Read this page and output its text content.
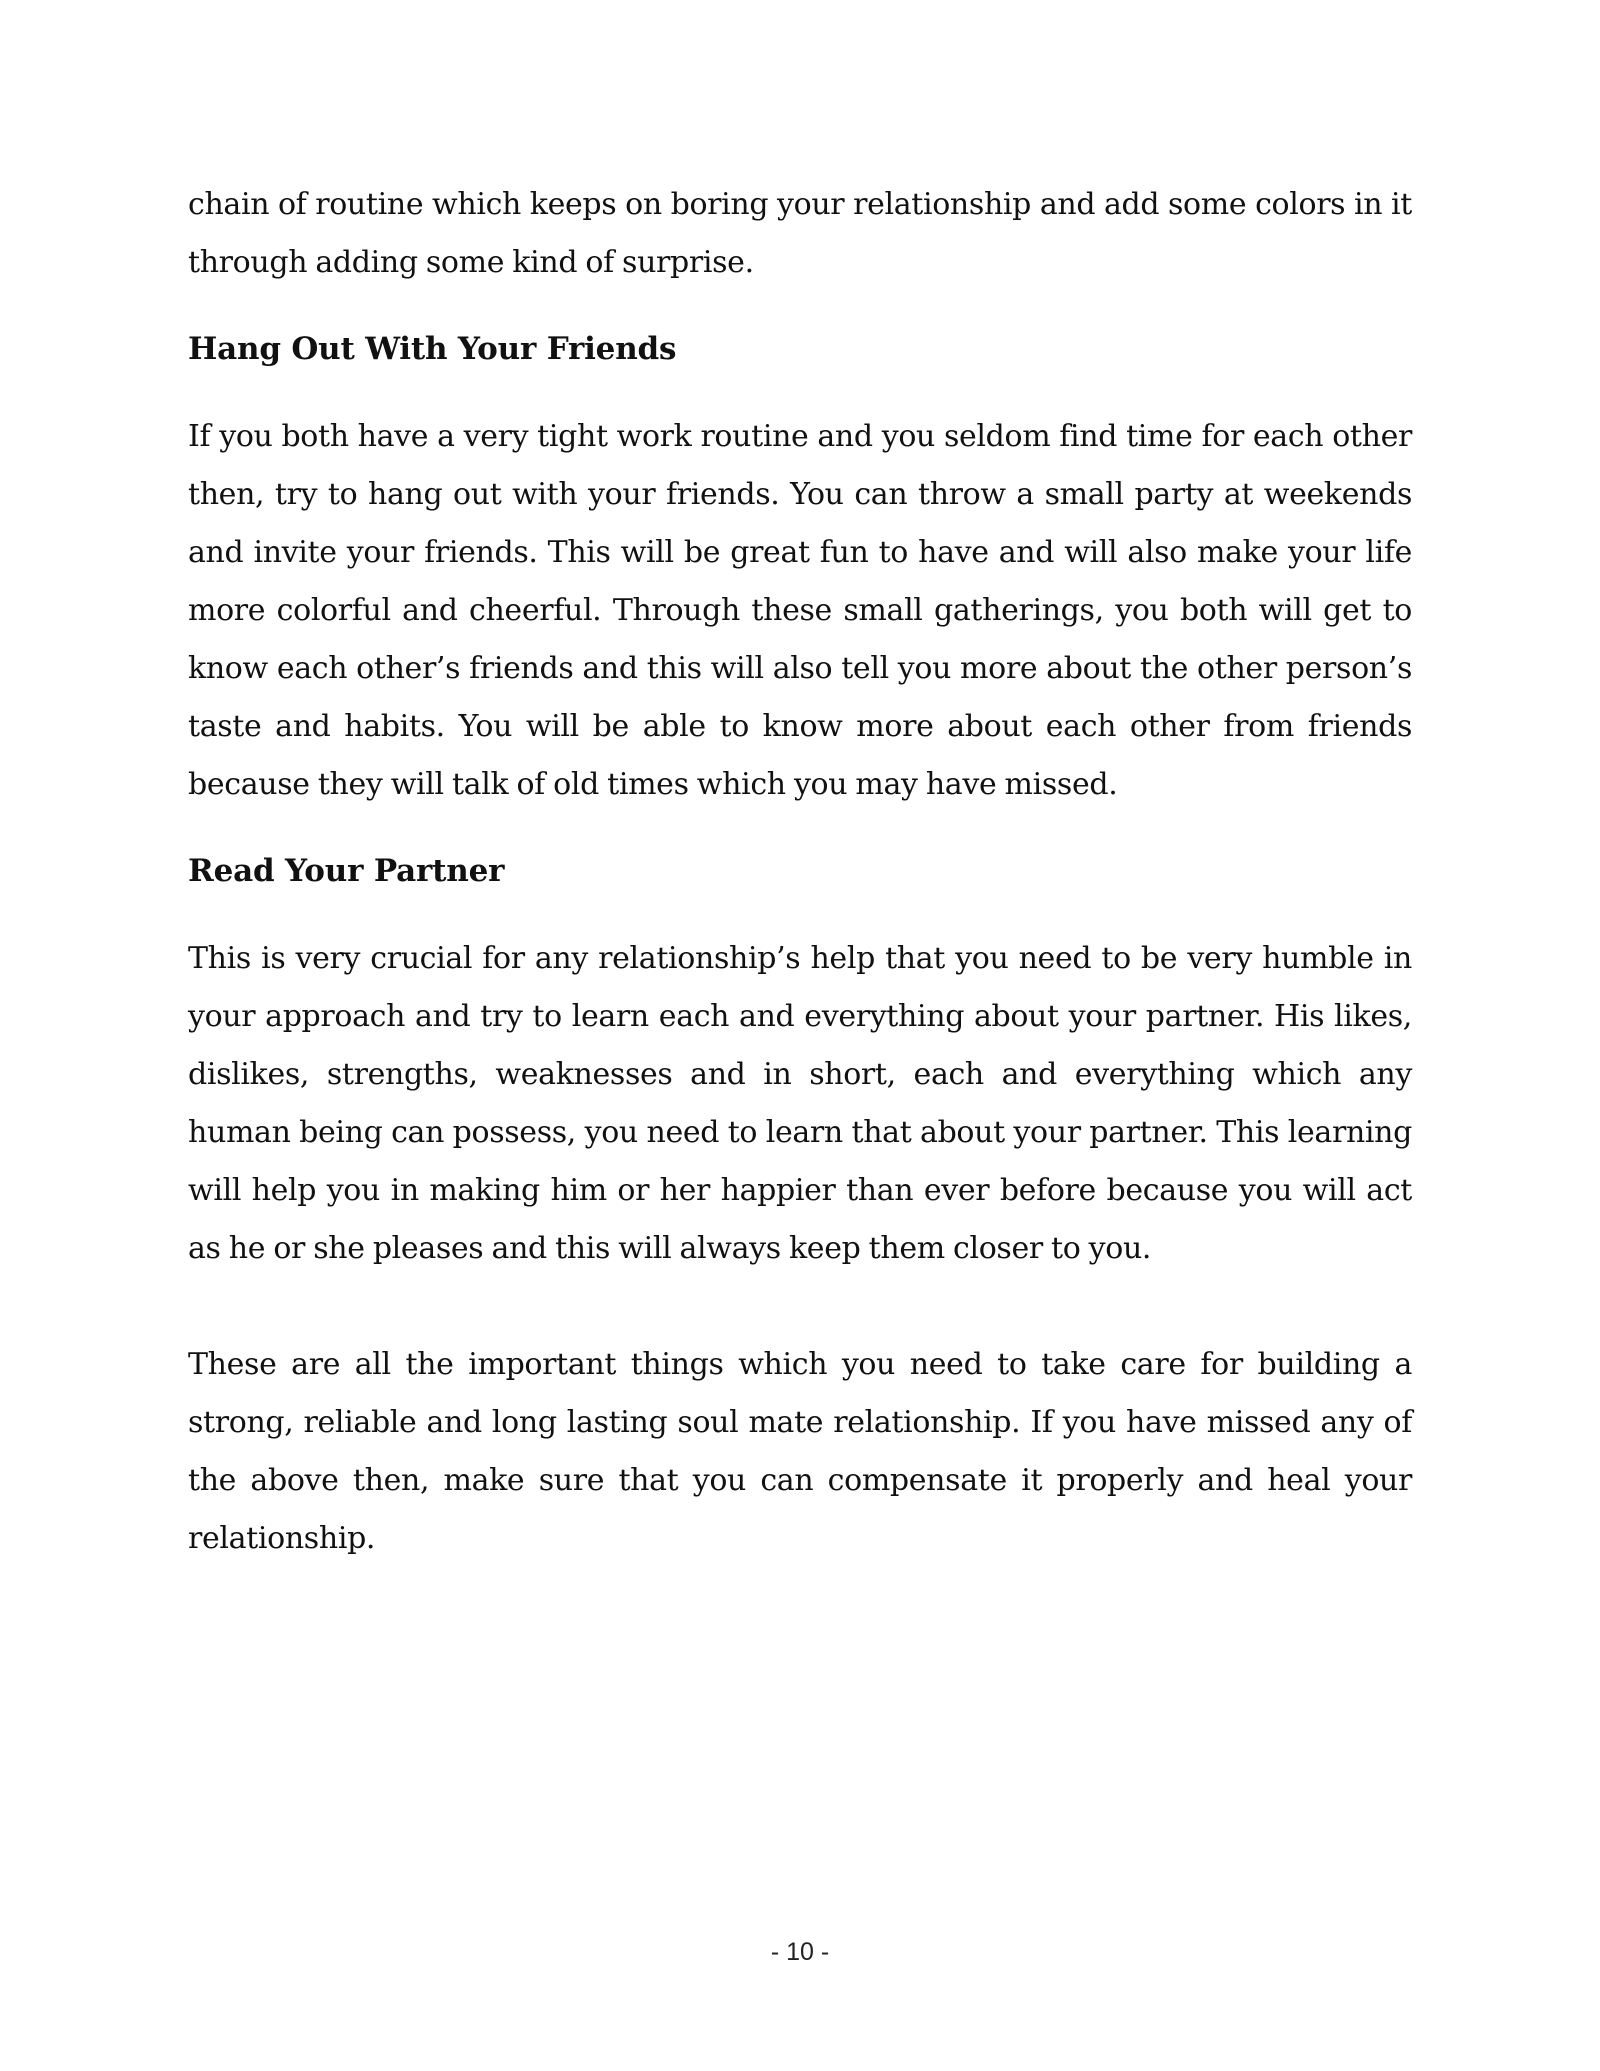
chain of routine which keeps on boring your relationship and add some colors in it through adding some kind of surprise.

Hang Out With Your Friends

If you both have a very tight work routine and you seldom find time for each other then, try to hang out with your friends. You can throw a small party at weekends and invite your friends. This will be great fun to have and will also make your life more colorful and cheerful. Through these small gatherings, you both will get to know each other’s friends and this will also tell you more about the other person’s taste and habits. You will be able to know more about each other from friends because they will talk of old times which you may have missed.

Read Your Partner

This is very crucial for any relationship’s help that you need to be very humble in your approach and try to learn each and everything about your partner. His likes, dislikes, strengths, weaknesses and in short, each and everything which any human being can possess, you need to learn that about your partner. This learning will help you in making him or her happier than ever before because you will act as he or she pleases and this will always keep them closer to you.

These are all the important things which you need to take care for building a strong, reliable and long lasting soul mate relationship. If you have missed any of the above then, make sure that you can compensate it properly and heal your relationship.

- 10 -
